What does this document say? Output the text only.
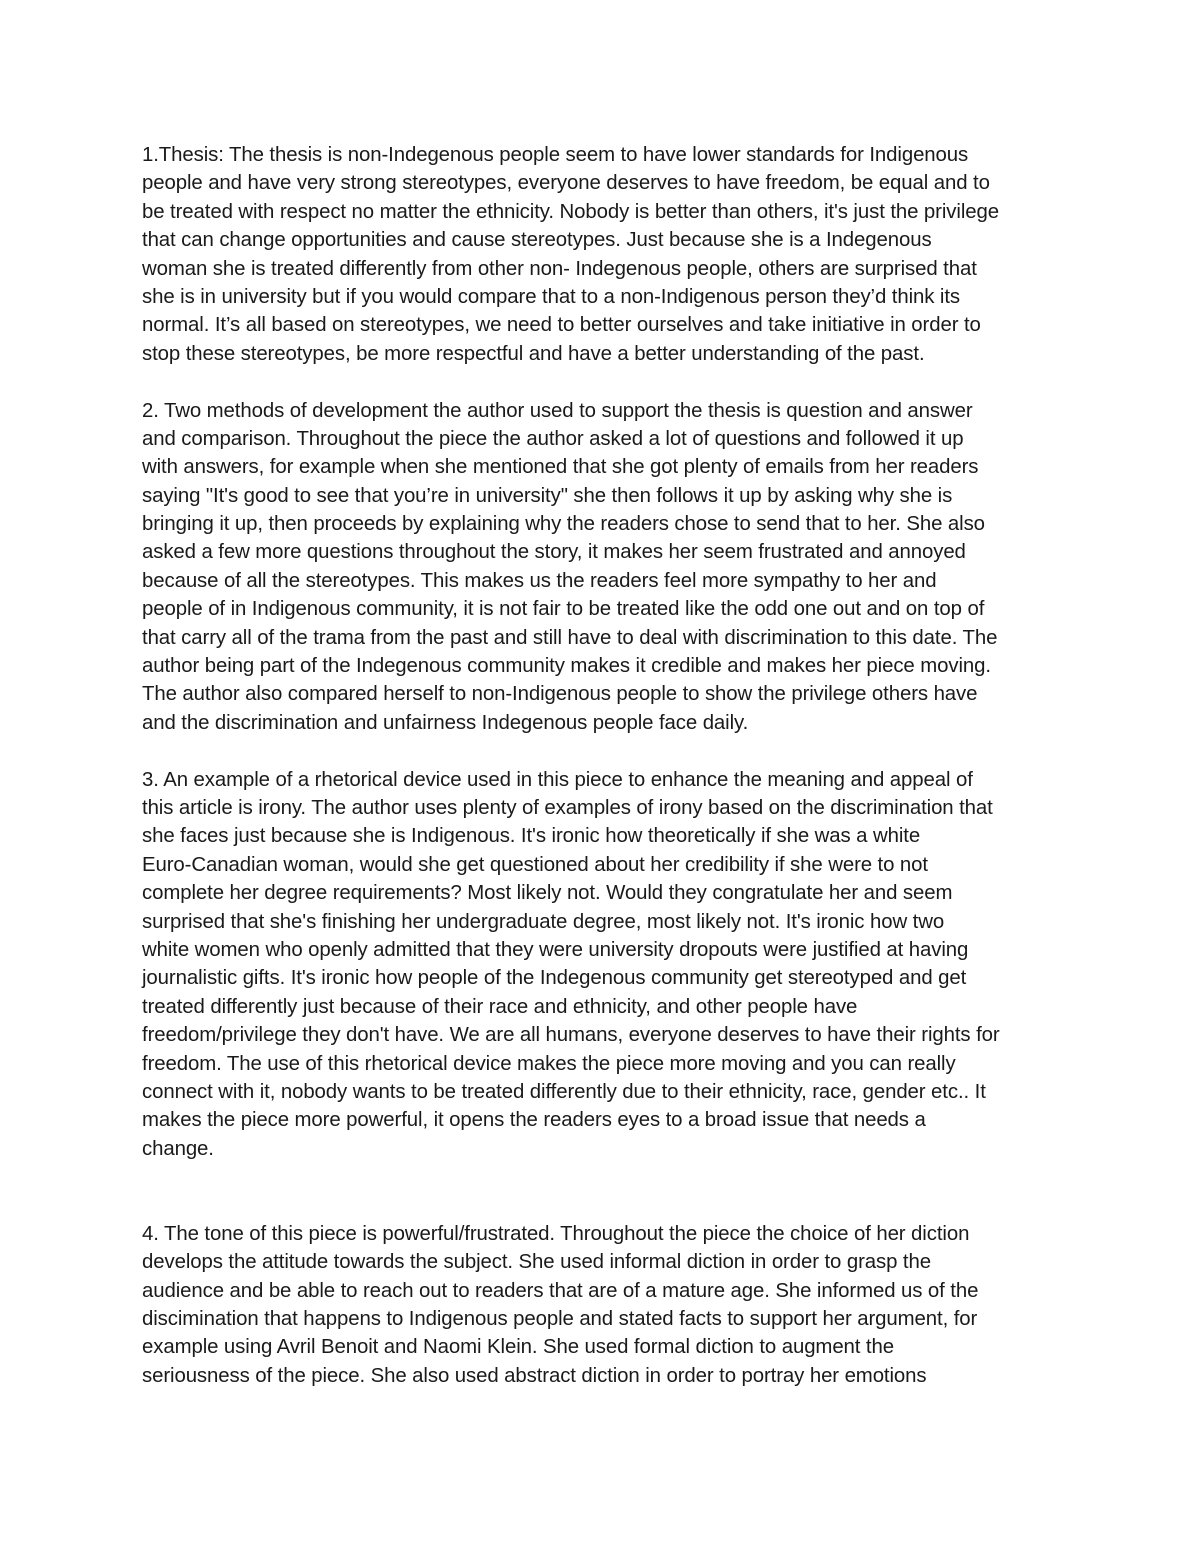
1.Thesis: The thesis is non-Indegenous people seem to have lower standards for Indigenous
people and have very strong stereotypes, everyone deserves to have freedom, be equal and to
be treated with respect no matter the ethnicity. Nobody is better than others, it's just the privilege
that can change opportunities and cause stereotypes. Just because she is a Indegenous
woman she is treated differently from other non- Indegenous people, others are surprised that
she is in university but if you would compare that to a non-Indigenous person they’d think its
normal. It’s all based on stereotypes, we need to better ourselves and take initiative in order to
stop these stereotypes, be more respectful and have a better understanding of the past.
2. Two methods of development the author used to support the thesis is question and answer
and comparison. Throughout the piece the author asked a lot of questions and followed it up
with answers, for example when she mentioned that she got plenty of emails from her readers
saying "It's good to see that you’re in university" she then follows it up by asking why she is
bringing it up, then proceeds by explaining why the readers chose to send that to her. She also
asked a few more questions throughout the story, it makes her seem frustrated and annoyed
because of all the stereotypes. This makes us the readers feel more sympathy to her and
people of in Indigenous community, it is not fair to be treated like the odd one out and on top of
that carry all of the trama from the past and still have to deal with discrimination to this date. The
author being part of the Indegenous community makes it credible and makes her piece moving.
The author also compared herself to non-Indigenous people to show the privilege others have
and the discrimination and unfairness Indegenous people face daily.
3. An example of a rhetorical device used in this piece to enhance the meaning and appeal of
this article is irony. The author uses plenty of examples of irony based on the discrimination that
she faces just because she is Indigenous. It's ironic how theoretically if she was a white
Euro-Canadian woman, would she get questioned about her credibility if she were to not
complete her degree requirements? Most likely not. Would they congratulate her and seem
surprised that she's finishing her undergraduate degree, most likely not. It's ironic how two
white women who openly admitted that they were university dropouts were justified at having
journalistic gifts. It's ironic how people of the Indegenous community get stereotyped and get
treated differently just because of their race and ethnicity, and other people have
freedom/privilege they don't have. We are all humans, everyone deserves to have their rights for
freedom. The use of this rhetorical device makes the piece more moving and you can really
connect with it, nobody wants to be treated differently due to their ethnicity, race, gender etc.. It
makes the piece more powerful, it opens the readers eyes to a broad issue that needs a
change.
4. The tone of this piece is powerful/frustrated. Throughout the piece the choice of her diction
develops the attitude towards the subject. She used informal diction in order to grasp the
audience and be able to reach out to readers that are of a mature age. She informed us of the
discimination that happens to Indigenous people and stated facts to support her argument, for
example using Avril Benoit and Naomi Klein. She used formal diction to augment the
seriousness of the piece. She also used abstract diction in order to portray her emotions
